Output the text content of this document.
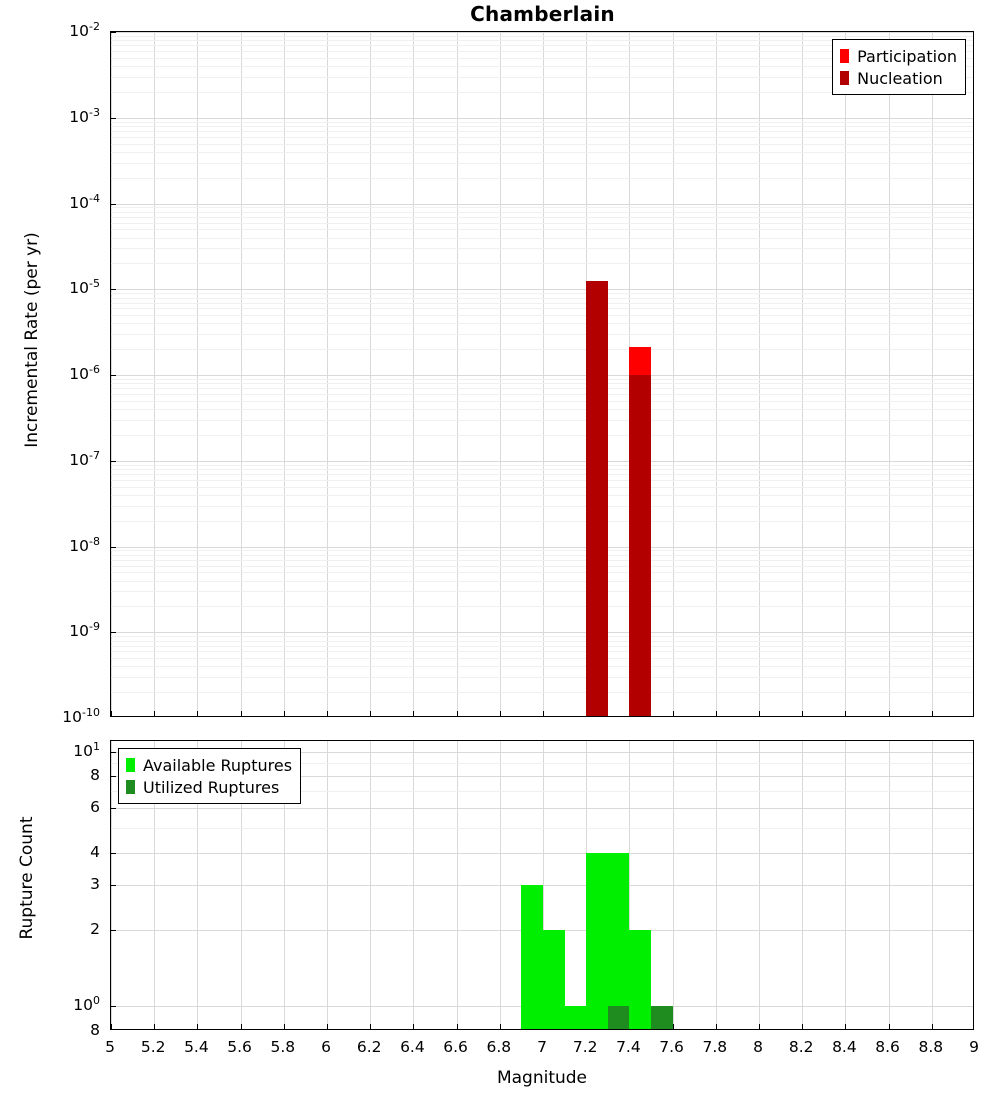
Chamberlain
Participation
Nucleation
$10^{-2}$
$10^{-3}$
$10^{-4}$
$10^{-5}$
$10^{-6}$
$10^{-7}$
$10^{-8}$
$10^{-9}$
$10^{-10}$
Incremental Rate (per yr)
Available Ruptures
Utilized Ruptures
$10^1$
8
6
4
3
2
$10^0$
8
Rupture Count
5 5.2 5.4 5.6 5.8 6 6.2 6.4 6.6 6.8 7 7.2 7.4 7.6 7.8 8 8.2 8.4 8.6 8.8 9
Magnitude
